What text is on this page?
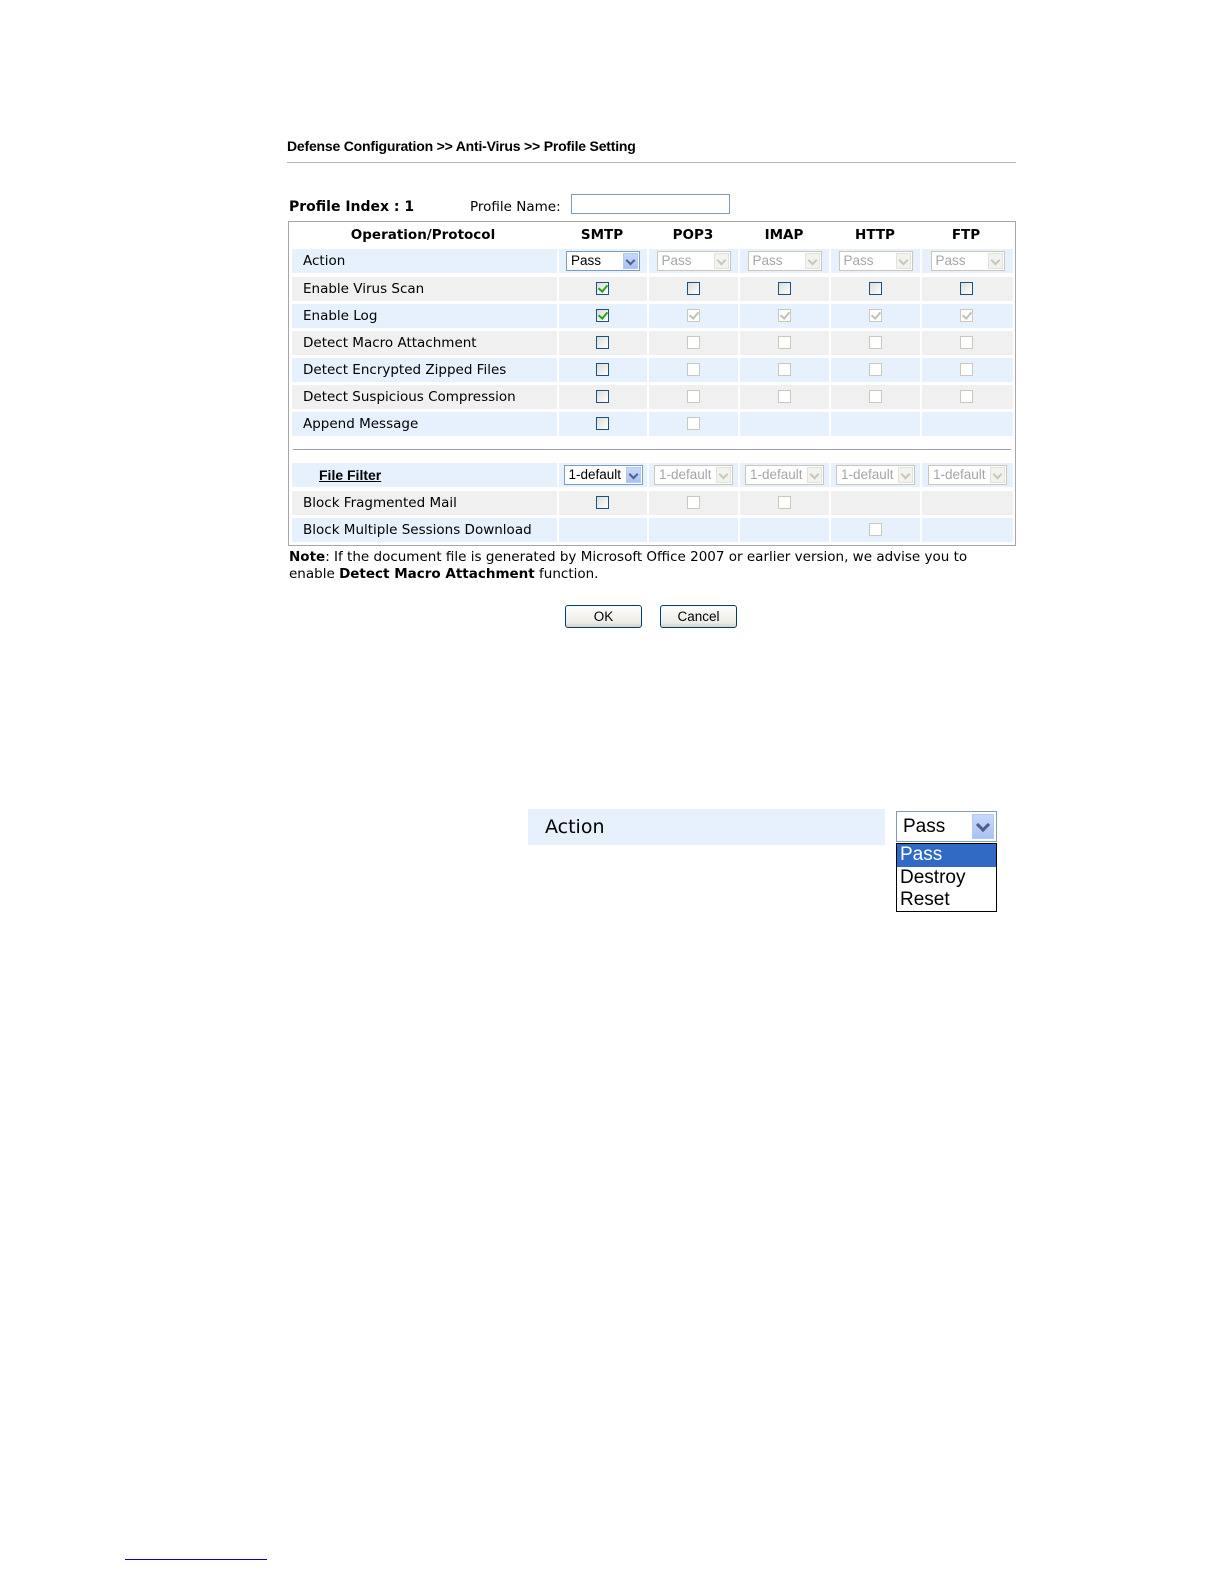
Defense Configuration >> Anti-Virus >> Profile Setting
Profile Index : 1	Profile Name:
Operation/Protocol	SMTP	POP3	IMAP	HTTP	FTP
Action	Pass	Pass	Pass	Pass	Pass
Enable Virus Scan
Enable Log
Detect Macro Attachment
Detect Encrypted Zipped Files
Detect Suspicious Compression
Append Message
File Filter	1-default	1-default	1-default	1-default	1-default
Block Fragmented Mail
Block Multiple Sessions Download
Note: If the document file is generated by Microsoft Office 2007 or earlier version, we advise you to enable Detect Macro Attachment function.
OK	Cancel
Action	Pass
Pass
Destroy
Reset
